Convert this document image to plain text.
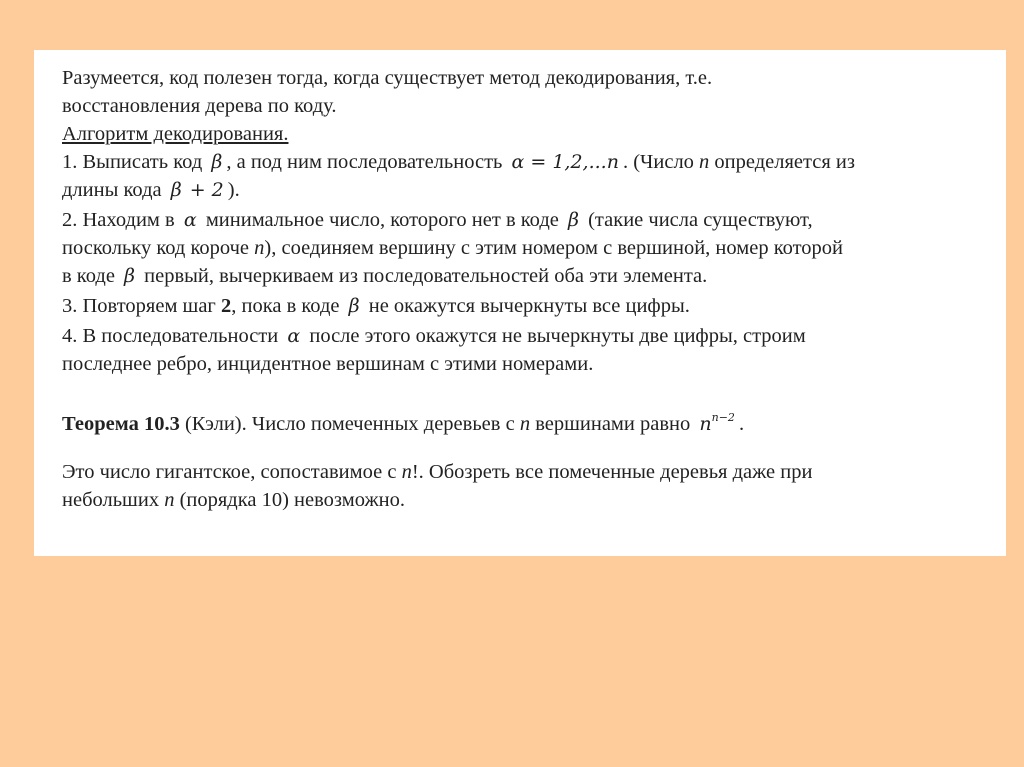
Разумеется, код полезен тогда, когда существует метод декодирования, т.е.
восстановления дерева по коду.
Алгоритм декодирования.
1. Выписать код β , а под ним последовательность α = 1,2,...n . (Число n определяется из
длины кода β + 2 ).
2. Находим в α минимальное число, которого нет в коде β (такие числа существуют,
поскольку код короче n), соединяем вершину с этим номером с вершиной, номер которой
в коде β первый, вычеркиваем из последовательностей оба эти элемента.
3. Повторяем шаг 2, пока в коде β не окажутся вычеркнуты все цифры.
4. В последовательности α после этого окажутся не вычеркнуты две цифры, строим
последнее ребро, инцидентное вершинам с этими номерами.
Теорема 10.3 (Кэли). Число помеченных деревьев с n вершинами равно $n^{n-2}$ .
Это число гигантское, сопоставимое с n!. Обозреть все помеченные деревья даже при
небольших n (порядка 10) невозможно.
